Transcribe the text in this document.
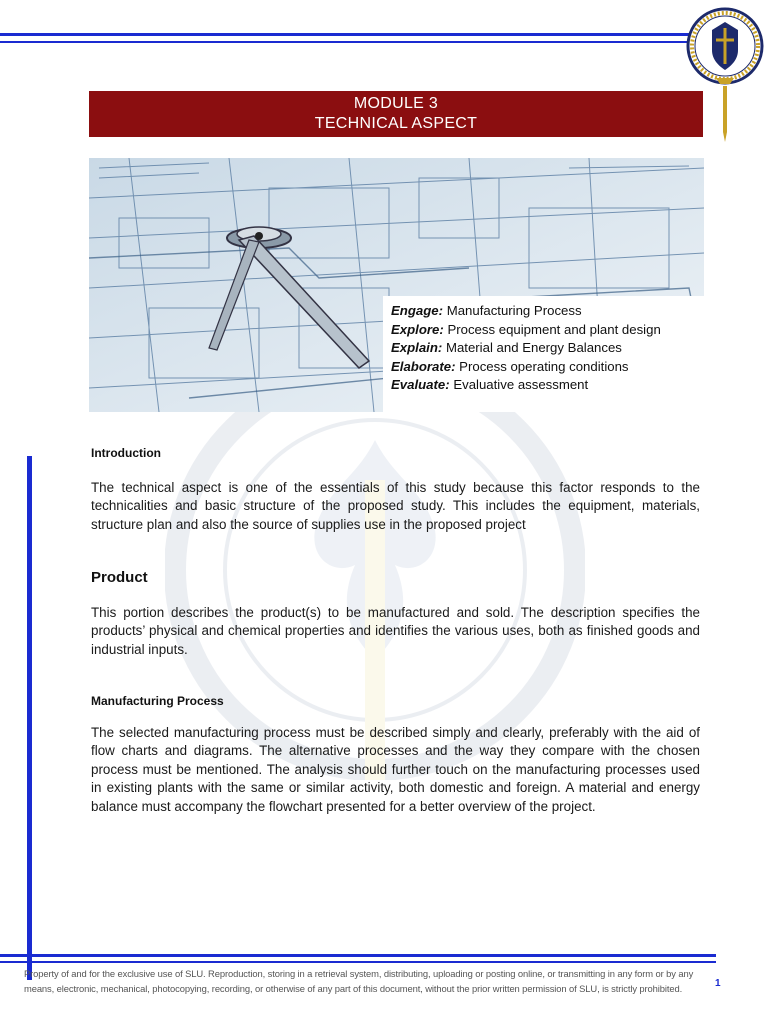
MODULE 3
TECHNICAL ASPECT
Engage: Manufacturing Process
Explore: Process equipment and plant design
Explain: Material and Energy Balances
Elaborate: Process operating conditions
Evaluate: Evaluative assessment
Introduction
The technical aspect is one of the essentials of this study because this factor responds to the technicalities and basic structure of the proposed study. This includes the equipment, materials, structure plan and also the source of supplies use in the proposed project
Product
This portion describes the product(s) to be manufactured and sold. The description specifies the products’ physical and chemical properties and identifies the various uses, both as finished goods and industrial inputs.
Manufacturing Process
The selected manufacturing process must be described simply and clearly, preferably with the aid of flow charts and diagrams. The alternative processes and the way they compare with the chosen process must be mentioned. The analysis should further touch on the manufacturing processes used in existing plants with the same or similar activity, both domestic and foreign. A material and energy balance must accompany the flowchart presented for a better overview of the project.
Property of and for the exclusive use of SLU. Reproduction, storing in a retrieval system, distributing, uploading or posting online, or transmitting in any form or by any
means, electronic, mechanical, photocopying, recording, or otherwise of any part of this document, without the prior written permission of SLU, is strictly prohibited.	1
